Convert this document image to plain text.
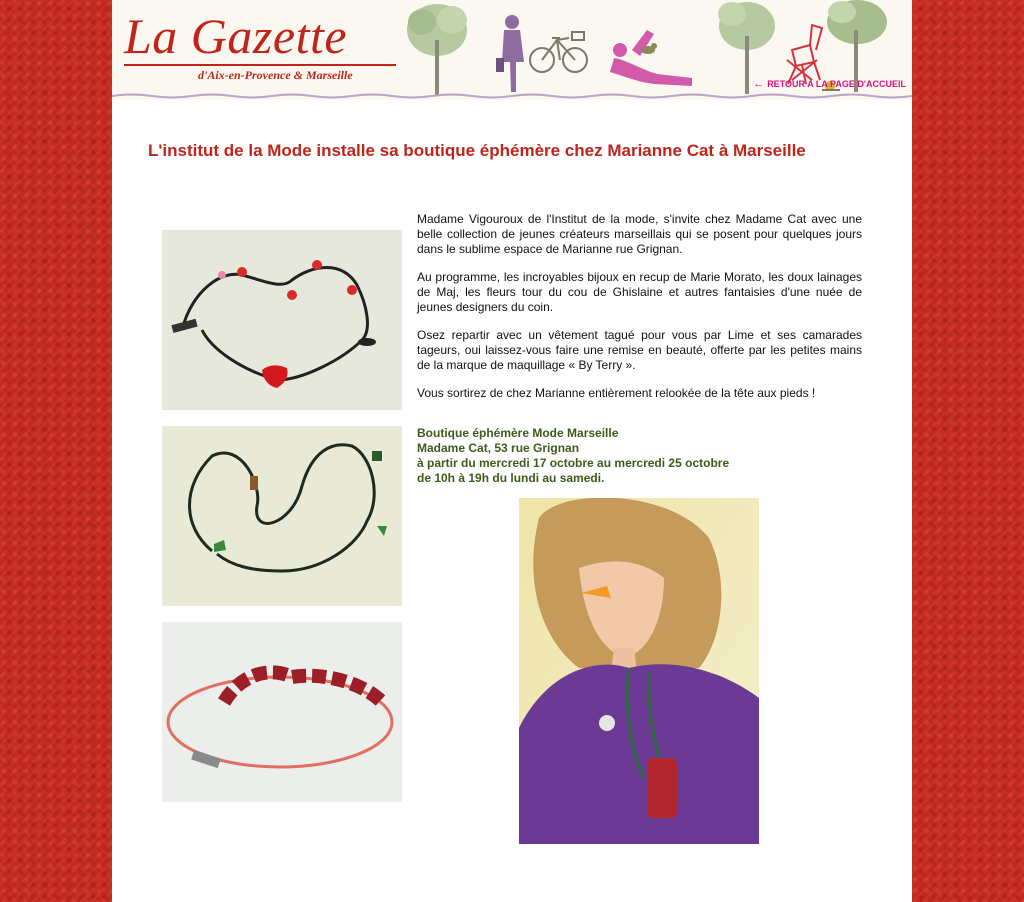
La Gazette
d'Aix-en-Provence & Marseille
← RETOUR A LA PAGE D'ACCUEIL
L'institut de la Mode installe sa boutique éphémère chez Marianne Cat à Marseille

Madame Vigouroux de l'Institut de la mode, s'invite chez Madame Cat avec une belle collection de jeunes créateurs marseillais qui se posent pour quelques jours dans le sublime espace de Marianne rue Grignan.

Au programme, les incroyables bijoux en recup de Marie Morato, les doux lainages de Maj, les fleurs tour du cou de Ghislaine et autres fantaisies d'une nuée de jeunes designers du coin.

Osez repartir avec un vêtement tagué pour vous par Lime et ses camarades tageurs, oui laissez-vous faire une remise en beauté, offerte par les petites mains de la marque de maquillage « By Terry ».

Vous sortirez de chez Marianne entièrement relookée de la tête aux pieds !

Boutique éphémère Mode Marseille
Madame Cat, 53 rue Grignan
à partir du mercredi 17 octobre au mercredi 25 octobre
de 10h à 19h du lundi au samedi.
